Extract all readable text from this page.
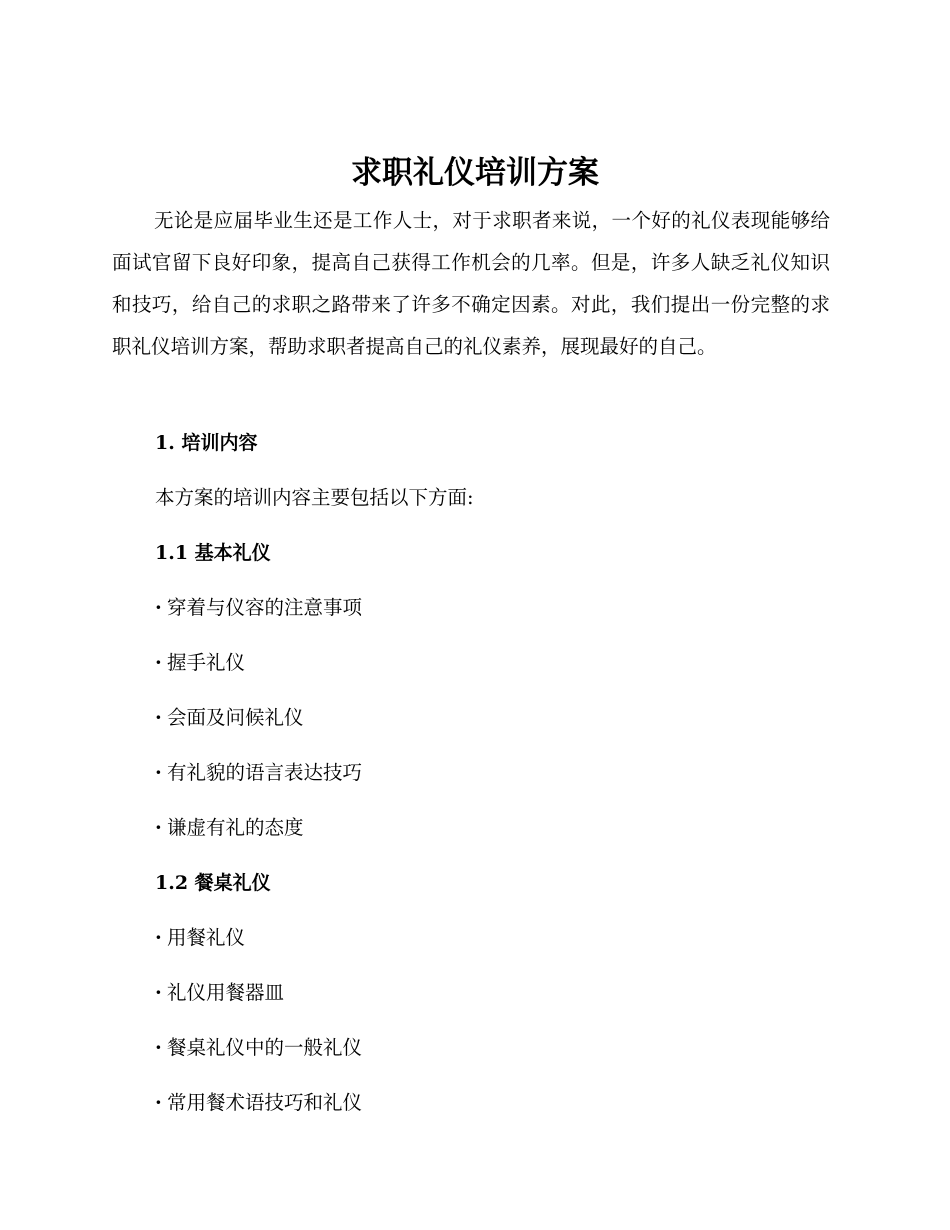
求职礼仪培训方案

无论是应届毕业生还是工作人士，对于求职者来说，一个好的礼仪表现能够给面试官留下良好印象，提高自己获得工作机会的几率。但是，许多人缺乏礼仪知识和技巧，给自己的求职之路带来了许多不确定因素。对此，我们提出一份完整的求职礼仪培训方案，帮助求职者提高自己的礼仪素养，展现最好的自己。

1. 培训内容

本方案的培训内容主要包括以下方面:

1.1 基本礼仪

· 穿着与仪容的注意事项

· 握手礼仪

· 会面及问候礼仪

· 有礼貌的语言表达技巧

· 谦虚有礼的态度

1.2 餐桌礼仪

· 用餐礼仪

· 礼仪用餐器皿

· 餐桌礼仪中的一般礼仪

· 常用餐术语技巧和礼仪
